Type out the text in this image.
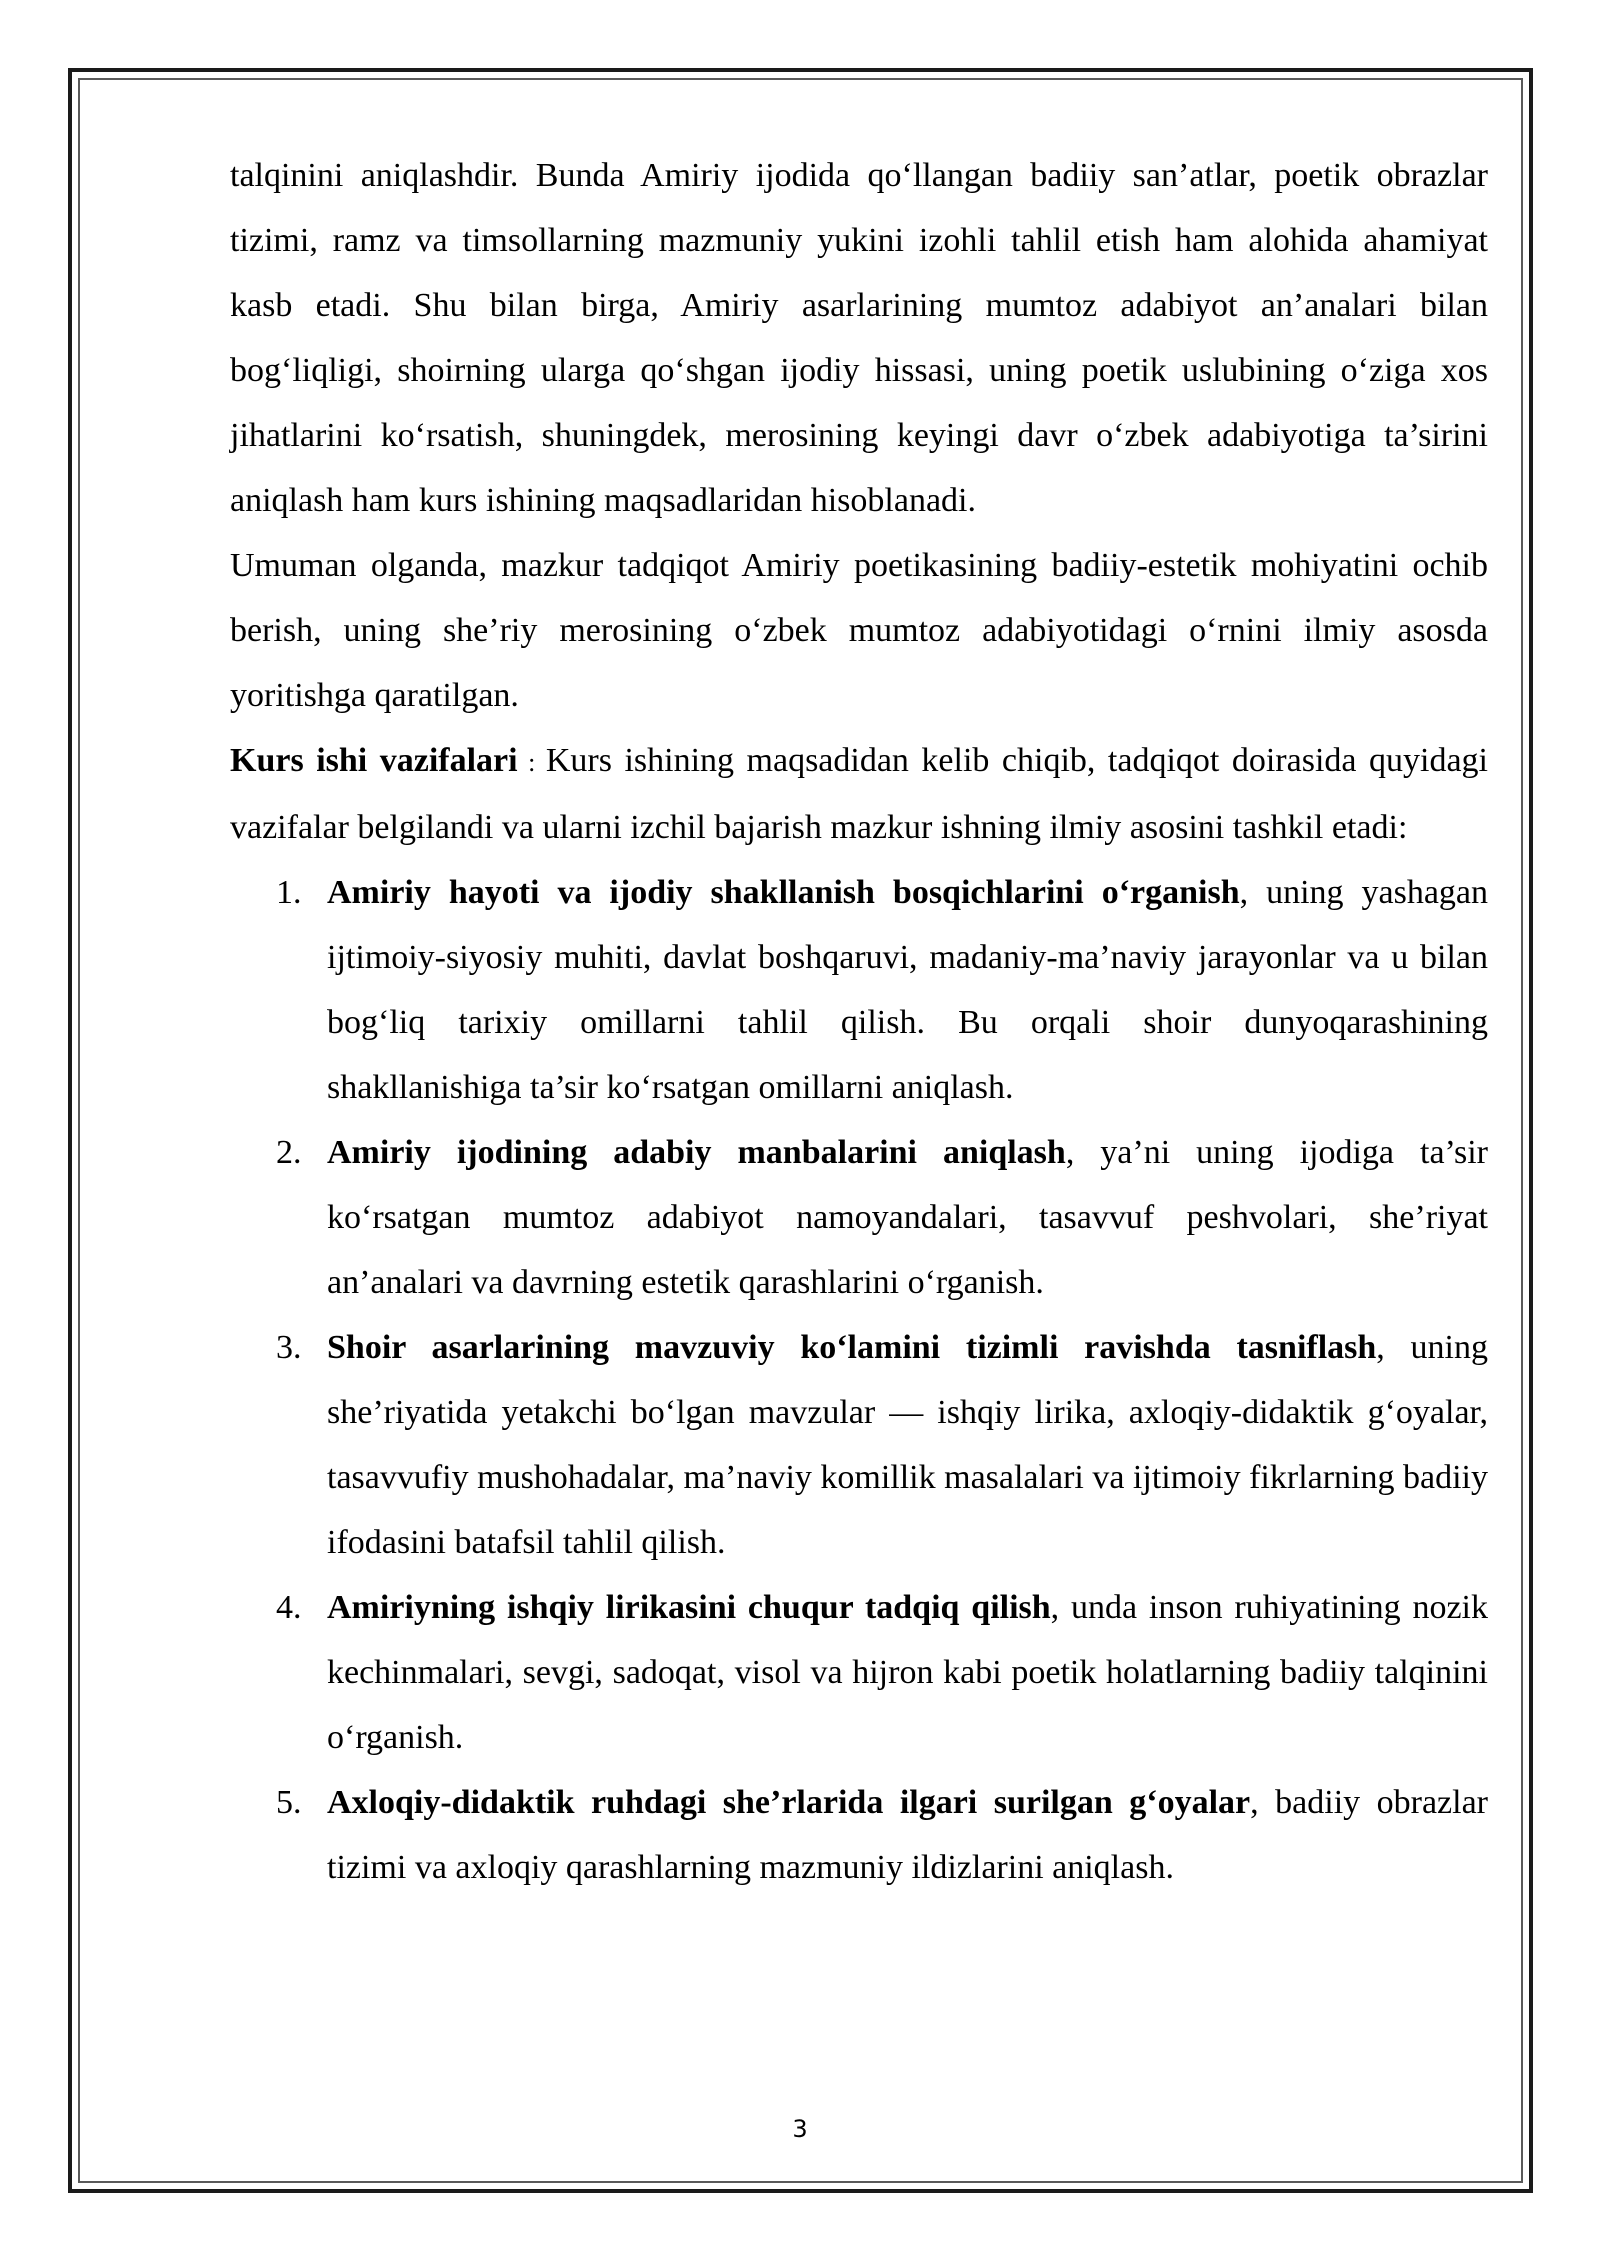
talqinini aniqlashdir. Bunda Amiriy ijodida qo‘llangan badiiy san’atlar, poetik obrazlar tizimi, ramz va timsollarning mazmuniy yukini izohli tahlil etish ham alohida ahamiyat kasb etadi. Shu bilan birga, Amiriy asarlarining mumtoz adabiyot an’analari bilan bog‘liqligi, shoirning ularga qo‘shgan ijodiy hissasi, uning poetik uslubining o‘ziga xos jihatlarini ko‘rsatish, shuningdek, merosining keyingi davr o‘zbek adabiyotiga ta’sirini aniqlash ham kurs ishining maqsadlaridan hisoblanadi.

Umuman olganda, mazkur tadqiqot Amiriy poetikasining badiiy-estetik mohiyatini ochib berish, uning she’riy merosining o‘zbek mumtoz adabiyotidagi o‘rnini ilmiy asosda yoritishga qaratilgan.

Kurs ishi vazifalari : Kurs ishining maqsadidan kelib chiqib, tadqiqot doirasida quyidagi vazifalar belgilandi va ularni izchil bajarish mazkur ishning ilmiy asosini tashkil etadi:

1. Amiriy hayoti va ijodiy shakllanish bosqichlarini o‘rganish, uning yashagan ijtimoiy-siyosiy muhiti, davlat boshqaruvi, madaniy-ma’naviy jarayonlar va u bilan bog‘liq tarixiy omillarni tahlil qilish. Bu orqali shoir dunyoqarashining shakllanishiga ta’sir ko‘rsatgan omillarni aniqlash.
2. Amiriy ijodining adabiy manbalarini aniqlash, ya’ni uning ijodiga ta’sir ko‘rsatgan mumtoz adabiyot namoyandalari, tasavvuf peshvolari, she’riyat an’analari va davrning estetik qarashlarini o‘rganish.
3. Shoir asarlarining mavzuviy ko‘lamini tizimli ravishda tasniflash, uning she’riyatida yetakchi bo‘lgan mavzular — ishqiy lirika, axloqiy-didaktik g‘oyalar, tasavvufiy mushohadalar, ma’naviy komillik masalalari va ijtimoiy fikrlarning badiiy ifodasini batafsil tahlil qilish.
4. Amiriyning ishqiy lirikasini chuqur tadqiq qilish, unda inson ruhiyatining nozik kechinmalari, sevgi, sadoqat, visol va hijron kabi poetik holatlarning badiiy talqinini o‘rganish.
5. Axloqiy-didaktik ruhdagi she’rlarida ilgari surilgan g‘oyalar, badiiy obrazlar tizimi va axloqiy qarashlarning mazmuniy ildizlarini aniqlash.
3
